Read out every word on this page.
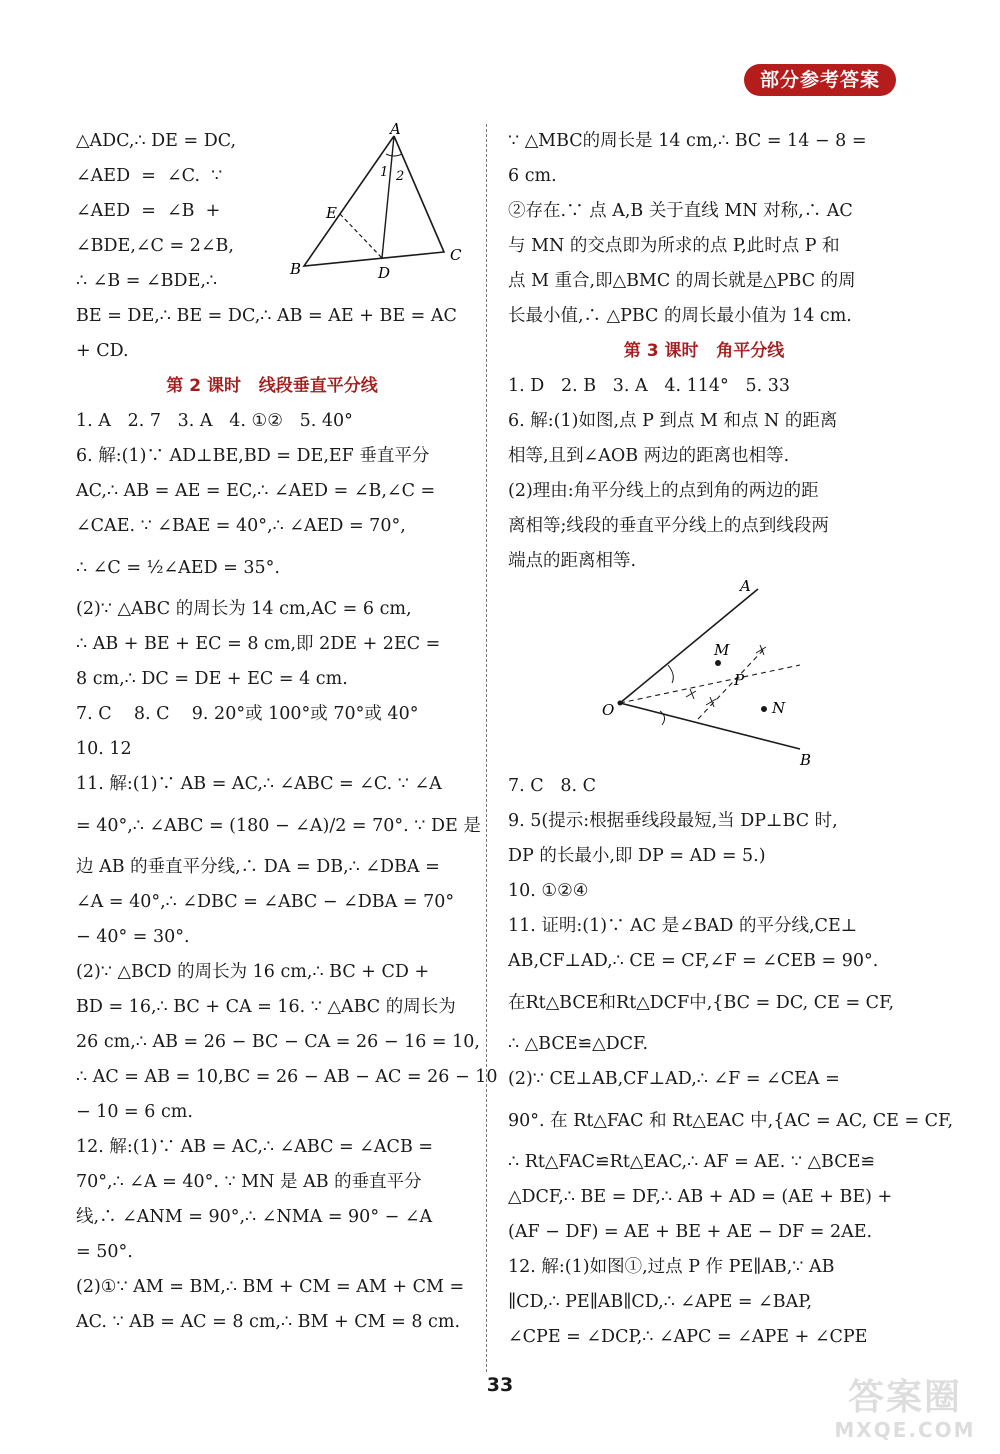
部分参考答案
A
B
C
D
E
1 2
△ADC,∴ DE = DC,
∠AED  =  ∠C.  ∵
∠AED  =  ∠B  +
∠BDE,∠C = 2∠B,
∴ ∠B = ∠BDE,∴
BE = DE,∴ BE = DC,∴ AB = AE + BE = AC
+ CD.
第 2 课时   线段垂直平分线
1. A   2. 7   3. A   4. ①②   5. 40°
6. 解:(1)∵ AD⊥BE,BD = DE,EF 垂直平分
AC,∴ AB = AE = EC,∴ ∠AED = ∠B,∠C =
∠CAE. ∵ ∠BAE = 40°,∴ ∠AED = 70°,
∴ ∠C = ½∠AED = 35°.
(2)∵ △ABC 的周长为 14 cm,AC = 6 cm,
∴ AB + BE + EC = 8 cm,即 2DE + 2EC =
8 cm,∴ DC = DE + EC = 4 cm.
7. C    8. C    9. 20°或 100°或 70°或 40°
10. 12
11. 解:(1)∵ AB = AC,∴ ∠ABC = ∠C. ∵ ∠A
= 40°,∴ ∠ABC = (180 − ∠A)/2 = 70°. ∵ DE 是
边 AB 的垂直平分线,∴ DA = DB,∴ ∠DBA =
∠A = 40°,∴ ∠DBC = ∠ABC − ∠DBA = 70°
− 40° = 30°.
(2)∵ △BCD 的周长为 16 cm,∴ BC + CD +
BD = 16,∴ BC + CA = 16. ∵ △ABC 的周长为
26 cm,∴ AB = 26 − BC − CA = 26 − 16 = 10,
∴ AC = AB = 10,BC = 26 − AB − AC = 26 − 10
− 10 = 6 cm.
12. 解:(1)∵ AB = AC,∴ ∠ABC = ∠ACB =
70°,∴ ∠A = 40°. ∵ MN 是 AB 的垂直平分
线,∴ ∠ANM = 90°,∴ ∠NMA = 90° − ∠A
= 50°.
(2)①∵ AM = BM,∴ BM + CM = AM + CM =
AC. ∵ AB = AC = 8 cm,∴ BM + CM = 8 cm.
∵ △MBC的周长是 14 cm,∴ BC = 14 − 8 =
6 cm.
②存在.∵ 点 A,B 关于直线 MN 对称,∴ AC
与 MN 的交点即为所求的点 P,此时点 P 和
点 M 重合,即△BMC 的周长就是△PBC 的周
长最小值,∴ △PBC 的周长最小值为 14 cm.
第 3 课时   角平分线
1. D   2. B   3. A   4. 114°   5. 33
6. 解:(1)如图,点 P 到点 M 和点 N 的距离
相等,且到∠AOB 两边的距离也相等.
(2)理由:角平分线上的点到角的两边的距
离相等;线段的垂直平分线上的点到线段两
端点的距离相等.
A
B
O
M
N
P
7. C   8. C
9. 5(提示:根据垂线段最短,当 DP⊥BC 时,
DP 的长最小,即 DP = AD = 5.)
10. ①②④
11. 证明:(1)∵ AC 是∠BAD 的平分线,CE⊥
AB,CF⊥AD,∴ CE = CF,∠F = ∠CEB = 90°.
在Rt△BCE和Rt△DCF中,{BC = DC, CE = CF,
∴ △BCE≌△DCF.
(2)∵ CE⊥AB,CF⊥AD,∴ ∠F = ∠CEA =
90°. 在 Rt△FAC 和 Rt△EAC 中,{AC = AC, CE = CF,
∴ Rt△FAC≌Rt△EAC,∴ AF = AE. ∵ △BCE≌
△DCF,∴ BE = DF,∴ AB + AD = (AE + BE) +
(AF − DF) = AE + BE + AE − DF = 2AE.
12. 解:(1)如图①,过点 P 作 PE∥AB,∵ AB
∥CD,∴ PE∥AB∥CD,∴ ∠APE = ∠BAP,
∠CPE = ∠DCP,∴ ∠APC = ∠APE + ∠CPE
33	答案圈
MXQE.COM
